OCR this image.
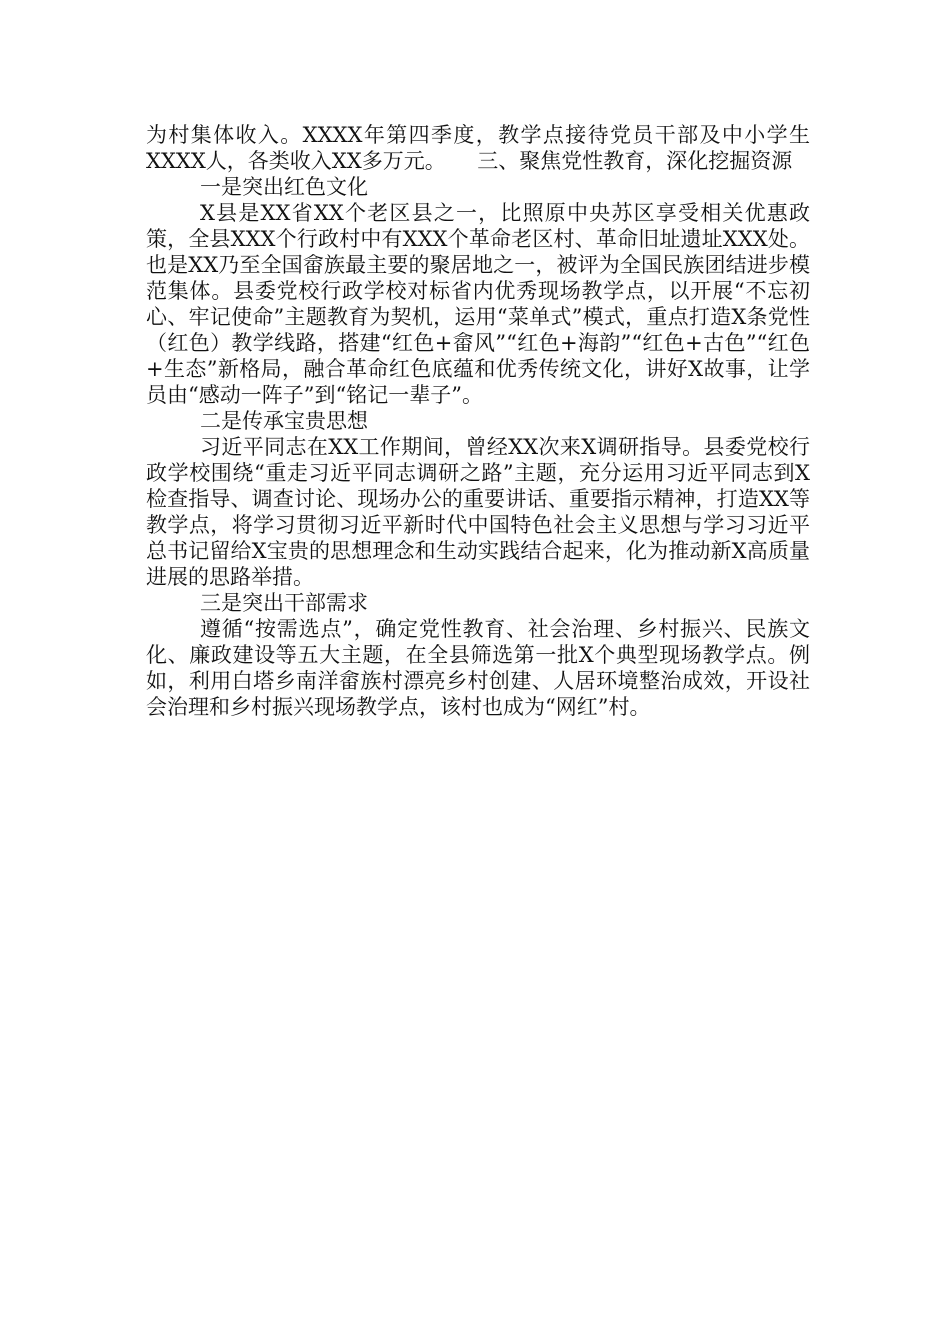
为村集体收入。XXXX年第四季度，教学点接待党员干部及中小学生XXXX人，各类收入XX多万元。　　三、聚焦党性教育，深化挖掘资源

一是突出红色文化

X县是XX省XX个老区县之一，比照原中央苏区享受相关优惠政策，全县XXX个行政村中有XXX个革命老区村、革命旧址遗址XXX处。也是XX乃至全国畲族最主要的聚居地之一，被评为全国民族团结进步模范集体。县委党校行政学校对标省内优秀现场教学点，以开展“不忘初心、牢记使命”主题教育为契机，运用“菜单式”模式，重点打造X条党性（红色）教学线路，搭建“红色+畲风”“红色+海韵”“红色+古色”“红色+生态”新格局，融合革命红色底蕴和优秀传统文化，讲好X故事，让学员由“感动一阵子”到“铭记一辈子”。

二是传承宝贵思想

习近平同志在XX工作期间，曾经XX次来X调研指导。县委党校行政学校围绕“重走习近平同志调研之路”主题，充分运用习近平同志到X检查指导、调查讨论、现场办公的重要讲话、重要指示精神，打造XX等教学点，将学习贯彻习近平新时代中国特色社会主义思想与学习习近平总书记留给X宝贵的思想理念和生动实践结合起来，化为推动新X高质量进展的思路举措。

三是突出干部需求

遵循“按需选点”，确定党性教育、社会治理、乡村振兴、民族文化、廉政建设等五大主题，在全县筛选第一批X个典型现场教学点。例如，利用白塔乡南洋畲族村漂亮乡村创建、人居环境整治成效，开设社会治理和乡村振兴现场教学点，该村也成为“网红”村。
